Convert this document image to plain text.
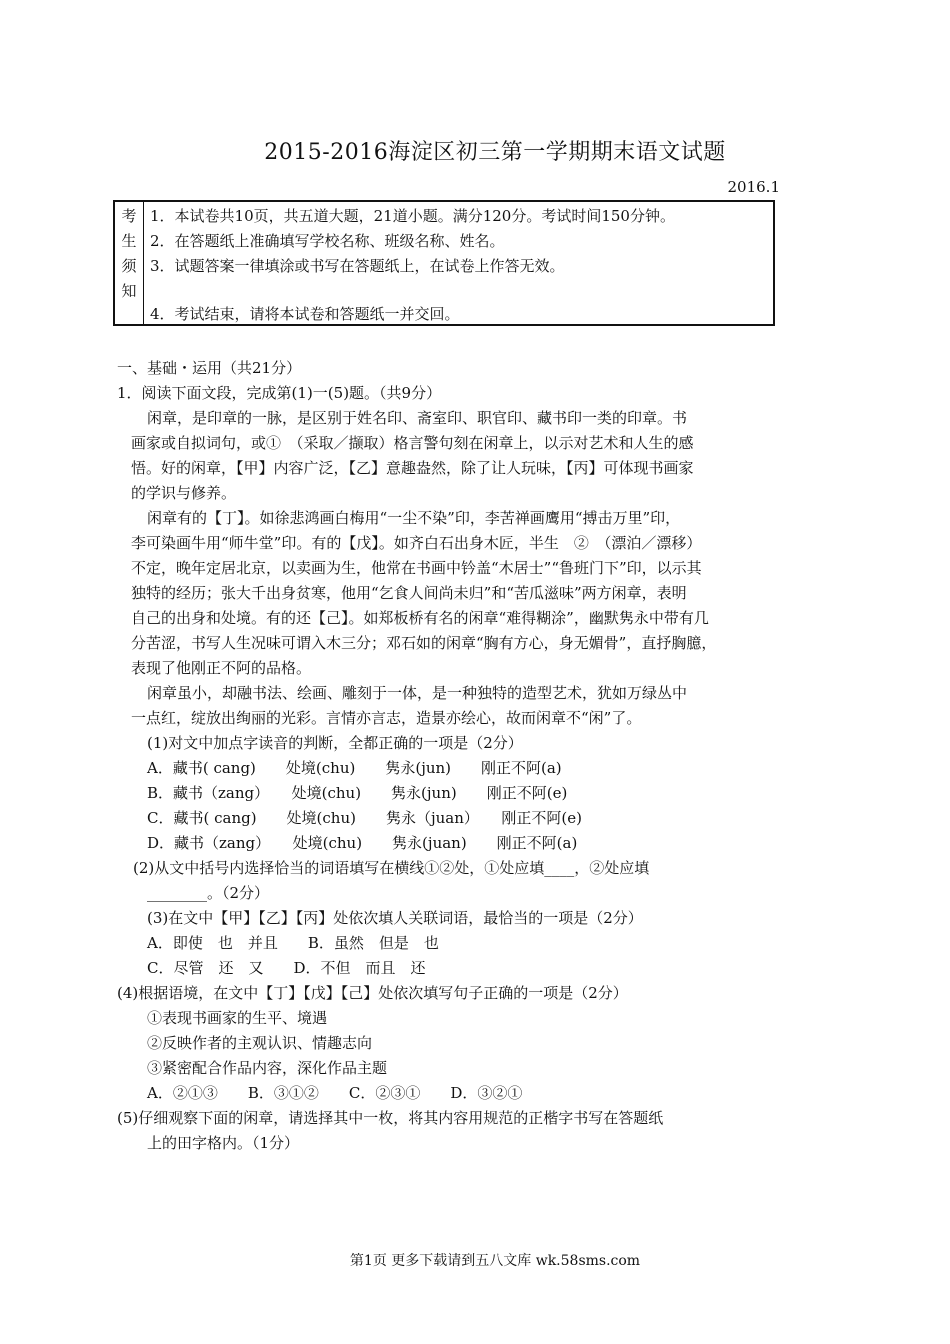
2015-2016海淀区初三第一学期期末语文试题
2016.1
考
生
须
知
1．本试卷共10页，共五道大题，21道小题。满分120分。考试时间150分钟。
2．在答题纸上准确填写学校名称、班级名称、姓名。
3．试题答案一律填涂或书写在答题纸上，在试卷上作答无效。
4．考试结束，请将本试卷和答题纸一并交回。
一、基础・运用（共21分）
1．阅读下面文段，完成第(1)一(5)题。（共9分）
闲章，是印章的一脉，是区别于姓名印、斋室印、职官印、藏书印一类的印章。书
画家或自拟词句，或①　（采取／撷取）格言警句刻在闲章上，以示对艺术和人生的感
悟。好的闲章，【甲】内容广泛，【乙】意趣盎然，除了让人玩味，【丙】可体现书画家
的学识与修养。
闲章有的【丁】。如徐悲鸿画白梅用“一尘不染”印，李苦禅画鹰用“搏击万里”印，
李可染画牛用“师牛堂”印。有的【戊】。如齐白石出身木匠，半生　②　（漂泊／漂移）
不定，晚年定居北京，以卖画为生，他常在书画中钤盖“木居士”“鲁班门下”印，以示其
独特的经历；张大千出身贫寒，他用“乞食人间尚未归”和“苦瓜滋味”两方闲章，表明
自己的出身和处境。有的还【己】。如郑板桥有名的闲章“难得糊涂”，幽默隽永中带有几
分苦涩，书写人生况味可谓入木三分；邓石如的闲章“胸有方心，身无媚骨”，直抒胸臆，
表现了他刚正不阿的品格。
闲章虽小，却融书法、绘画、雕刻于一体，是一种独特的造型艺术，犹如万绿丛中
一点红，绽放出绚丽的光彩。言情亦言志，造景亦绘心，故而闲章不“闲”了。
(1)对文中加点字读音的判断，全都正确的一项是（2分）
A．藏书( cang)　　处境(chu)　　隽永(jun)　　刚正不阿(a)
B．藏书（zang）　　处境(chu)　　隽永(jun)　　刚正不阿(e)
C．藏书( cang)　　处境(chu)　　隽永（juan）　　刚正不阿(e)
D．藏书（zang）　　处境(chu)　　隽永(juan)　　刚正不阿(a)
(2)从文中括号内选择恰当的词语填写在横线①②处，①处应填____，②处应填
________。（2分）
(3)在文中【甲】【乙】【丙】处依次填人关联词语，最恰当的一项是（2分）
A．即使　也　并且　　B．虽然　但是　也
C．尽管　还　又　　D．不但　而且　还
(4)根据语境，在文中【丁】【戊】【己】处依次填写句子正确的一项是（2分）
①表现书画家的生平、境遇
②反映作者的主观认识、情趣志向
③紧密配合作品内容，深化作品主题
A．②①③　　B．③①②　　C．②③①　　D．③②①
(5)仔细观察下面的闲章，请选择其中一枚，将其内容用规范的正楷字书写在答题纸
上的田字格内。（1分）
第1页 更多下载请到五八文库 wk.58sms.com
